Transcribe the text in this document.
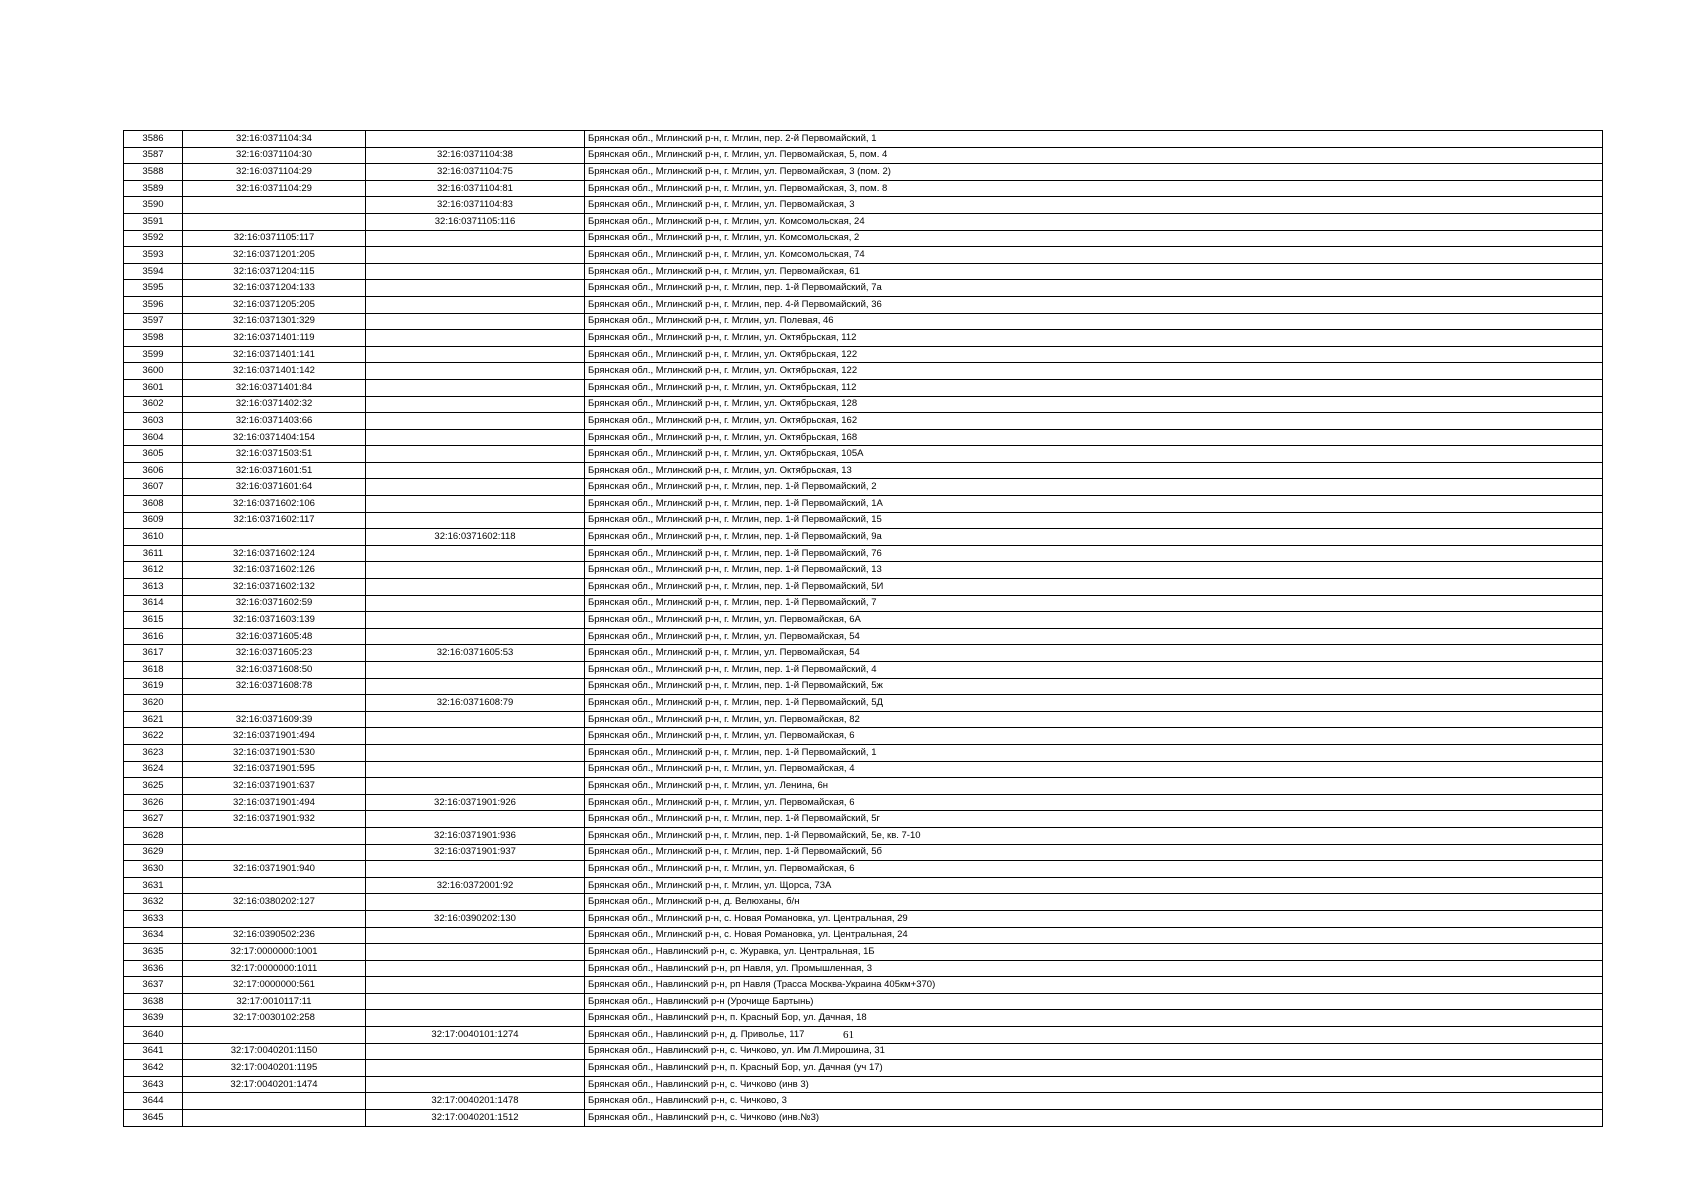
3586	32:16:0371104:34		Брянская обл., Мглинский р-н, г. Мглин, пер. 2-й Первомайский, 1
3587	32:16:0371104:30	32:16:0371104:38	Брянская обл., Мглинский р-н, г. Мглин, ул. Первомайская, 5, пом. 4
3588	32:16:0371104:29	32:16:0371104:75	Брянская обл., Мглинский р-н, г. Мглин, ул. Первомайская, 3 (пом. 2)
3589	32:16:0371104:29	32:16:0371104:81	Брянская обл., Мглинский р-н, г. Мглин, ул. Первомайская, 3, пом. 8
3590		32:16:0371104:83	Брянская обл., Мглинский р-н, г. Мглин, ул. Первомайская, 3
3591		32:16:0371105:116	Брянская обл., Мглинский р-н, г. Мглин, ул. Комсомольская, 24
3592	32:16:0371105:117		Брянская обл., Мглинский р-н, г. Мглин, ул. Комсомольская, 2
3593	32:16:0371201:205		Брянская обл., Мглинский р-н, г. Мглин, ул. Комсомольская, 74
3594	32:16:0371204:115		Брянская обл., Мглинский р-н, г. Мглин, ул. Первомайская, 61
3595	32:16:0371204:133		Брянская обл., Мглинский р-н, г. Мглин, пер. 1-й Первомайский, 7а
3596	32:16:0371205:205		Брянская обл., Мглинский р-н, г. Мглин, пер. 4-й Первомайский, 36
3597	32:16:0371301:329		Брянская обл., Мглинский р-н, г. Мглин, ул. Полевая, 46
3598	32:16:0371401:119		Брянская обл., Мглинский р-н, г. Мглин, ул. Октябрьская, 112
3599	32:16:0371401:141		Брянская обл., Мглинский р-н, г. Мглин, ул. Октябрьская, 122
3600	32:16:0371401:142		Брянская обл., Мглинский р-н, г. Мглин, ул. Октябрьская, 122
3601	32:16:0371401:84		Брянская обл., Мглинский р-н, г. Мглин, ул. Октябрьская, 112
3602	32:16:0371402:32		Брянская обл., Мглинский р-н, г. Мглин, ул. Октябрьская, 128
3603	32:16:0371403:66		Брянская обл., Мглинский р-н, г. Мглин, ул. Октябрьская, 162
3604	32:16:0371404:154		Брянская обл., Мглинский р-н, г. Мглин, ул. Октябрьская, 168
3605	32:16:0371503:51		Брянская обл., Мглинский р-н, г. Мглин, ул. Октябрьская, 105А
3606	32:16:0371601:51		Брянская обл., Мглинский р-н, г. Мглин, ул. Октябрьская, 13
3607	32:16:0371601:64		Брянская обл., Мглинский р-н, г. Мглин, пер. 1-й Первомайский, 2
3608	32:16:0371602:106		Брянская обл., Мглинский р-н, г. Мглин, пер. 1-й Первомайский, 1А
3609	32:16:0371602:117		Брянская обл., Мглинский р-н, г. Мглин, пер. 1-й Первомайский, 15
3610		32:16:0371602:118	Брянская обл., Мглинский р-н, г. Мглин, пер. 1-й Первомайский, 9а
3611	32:16:0371602:124		Брянская обл., Мглинский р-н, г. Мглин, пер. 1-й Первомайский, 76
3612	32:16:0371602:126		Брянская обл., Мглинский р-н, г. Мглин, пер. 1-й Первомайский, 13
3613	32:16:0371602:132		Брянская обл., Мглинский р-н, г. Мглин, пер. 1-й Первомайский, 5И
3614	32:16:0371602:59		Брянская обл., Мглинский р-н, г. Мглин, пер. 1-й Первомайский, 7
3615	32:16:0371603:139		Брянская обл., Мглинский р-н, г. Мглин, ул. Первомайская, 6А
3616	32:16:0371605:48		Брянская обл., Мглинский р-н, г. Мглин, ул. Первомайская, 54
3617	32:16:0371605:23	32:16:0371605:53	Брянская обл., Мглинский р-н, г. Мглин, ул. Первомайская, 54
3618	32:16:0371608:50		Брянская обл., Мглинский р-н, г. Мглин, пер. 1-й Первомайский, 4
3619	32:16:0371608:78		Брянская обл., Мглинский р-н, г. Мглин, пер. 1-й Первомайский, 5ж
3620		32:16:0371608:79	Брянская обл., Мглинский р-н, г. Мглин, пер. 1-й Первомайский, 5Д
3621	32:16:0371609:39		Брянская обл., Мглинский р-н, г. Мглин, ул. Первомайская, 82
3622	32:16:0371901:494		Брянская обл., Мглинский р-н, г. Мглин, ул. Первомайская, 6
3623	32:16:0371901:530		Брянская обл., Мглинский р-н, г. Мглин, пер. 1-й Первомайский, 1
3624	32:16:0371901:595		Брянская обл., Мглинский р-н, г. Мглин, ул. Первомайская, 4
3625	32:16:0371901:637		Брянская обл., Мглинский р-н, г. Мглин, ул. Ленина, 6н
3626	32:16:0371901:494	32:16:0371901:926	Брянская обл., Мглинский р-н, г. Мглин, ул. Первомайская, 6
3627	32:16:0371901:932		Брянская обл., Мглинский р-н, г. Мглин, пер. 1-й Первомайский, 5г
3628		32:16:0371901:936	Брянская обл., Мглинский р-н, г. Мглин, пер. 1-й Первомайский, 5е, кв. 7-10
3629		32:16:0371901:937	Брянская обл., Мглинский р-н, г. Мглин, пер. 1-й Первомайский, 5б
3630	32:16:0371901:940		Брянская обл., Мглинский р-н, г. Мглин, ул. Первомайская, 6
3631		32:16:0372001:92	Брянская обл., Мглинский р-н, г. Мглин, ул. Щорса, 73А
3632	32:16:0380202:127		Брянская обл., Мглинский р-н, д. Велюханы, б/н
3633		32:16:0390202:130	Брянская обл., Мглинский р-н, с. Новая Романовка, ул. Центральная, 29
3634	32:16:0390502:236		Брянская обл., Мглинский р-н, с. Новая Романовка, ул. Центральная, 24
3635	32:17:0000000:1001		Брянская обл., Навлинский р-н, с. Журавка, ул. Центральная, 1Б
3636	32:17:0000000:1011		Брянская обл., Навлинский р-н, рп Навля, ул. Промышленная, 3
3637	32:17:0000000:561		Брянская обл., Навлинский р-н, рп Навля (Трасса Москва-Украина 405км+370)
3638	32:17:0010117:11		Брянская обл., Навлинский р-н (Урочище Бартынь)
3639	32:17:0030102:258		Брянская обл., Навлинский р-н, п. Красный Бор, ул. Дачная, 18
3640		32:17:0040101:1274	Брянская обл., Навлинский р-н, д. Приволье, 117
3641	32:17:0040201:1150		Брянская обл., Навлинский р-н, с. Чичково, ул. Им Л.Мирошина, 31
3642	32:17:0040201:1195		Брянская обл., Навлинский р-н, п. Красный Бор, ул. Дачная (уч 17)
3643	32:17:0040201:1474		Брянская обл., Навлинский р-н, с. Чичково (инв 3)
3644		32:17:0040201:1478	Брянская обл., Навлинский р-н, с. Чичково, 3
3645		32:17:0040201:1512	Брянская обл., Навлинский р-н, с. Чичково (инв.№3)
61
